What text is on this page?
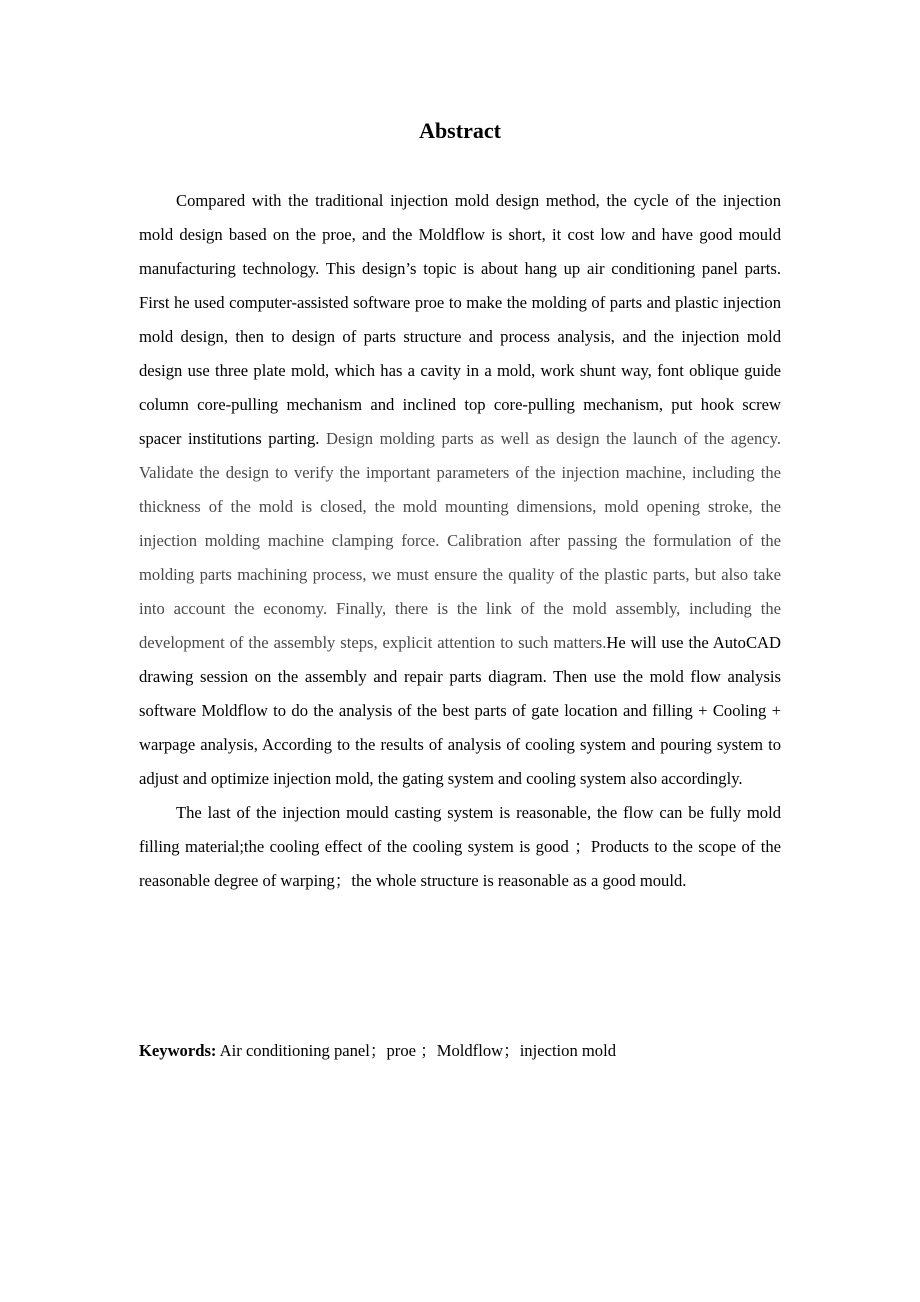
Abstract

Compared with the traditional injection mold design method, the cycle of the injection mold design based on the proe, and the Moldflow is short, it cost low and have good mould manufacturing technology. This design’s topic is about hang up air conditioning panel parts. First he used computer-assisted software proe to make the molding of parts and plastic injection mold design, then to design of parts structure and process analysis, and the injection mold design use three plate mold, which has a cavity in a mold, work shunt way, font oblique guide column core-pulling mechanism and inclined top core-pulling mechanism, put hook screw spacer institutions parting. Design molding parts as well as design the launch of the agency. Validate the design to verify the important parameters of the injection machine, including the thickness of the mold is closed, the mold mounting dimensions, mold opening stroke, the injection molding machine clamping force. Calibration after passing the formulation of the molding parts machining process, we must ensure the quality of the plastic parts, but also take into account the economy. Finally, there is the link of the mold assembly, including the development of the assembly steps, explicit attention to such matters.He will use the AutoCAD drawing session on the assembly and repair parts diagram. Then use the mold flow analysis software Moldflow to do the analysis of the best parts of gate location and filling + Cooling + warpage analysis, According to the results of analysis of cooling system and pouring system to adjust and optimize injection mold, the gating system and cooling system also accordingly.

The last of the injection mould casting system is reasonable, the flow can be fully mold filling material;the cooling effect of the cooling system is good ；Products to the scope of the reasonable degree of warping；the whole structure is reasonable as a good mould.

Keywords: Air conditioning panel；proe ；Moldflow；injection mold
